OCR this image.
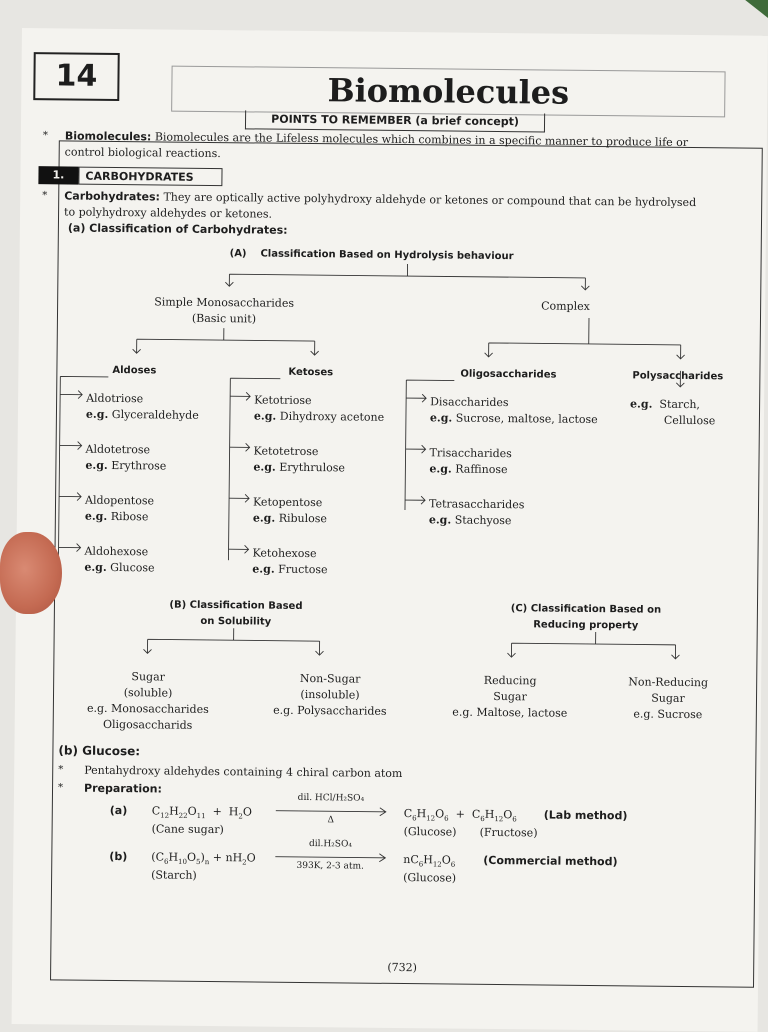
14	Biomolecules
POINTS TO REMEMBER (a brief concept)
* Biomolecules: Biomolecules are the Lifeless molecules which combines in a specific manner to produce life or
control biological reactions.
1.	CARBOHYDRATES
* Carbohydrates: They are optically active polyhydroxy aldehyde or ketones or compound that can be hydrolysed
to polyhydroxy aldehydes or ketones.
(a) Classification of Carbohydrates:
(A) Classification Based on Hydrolysis behaviour
Simple Monosaccharides
(Basic unit)
Complex
Aldoses	Ketoses	Oligosaccharides	Polysaccharides
Aldotriose
e.g. Glyceraldehyde
Aldotetrose
e.g. Erythrose
Aldopentose
e.g. Ribose
Aldohexose
e.g. Glucose
Ketotriose
e.g. Dihydroxy acetone
Ketotetrose
e.g. Erythrulose
Ketopentose
e.g. Ribulose
Ketohexose
e.g. Fructose
Disaccharides
e.g. Sucrose, maltose, lactose
Trisaccharides
e.g. Raffinose
Tetrasaccharides
e.g. Stachyose
e.g. Starch,
Cellulose
(B) Classification Based
on Solubility
(C) Classification Based on
Reducing property
Sugar
(soluble)
e.g. Monosaccharides
Oligosaccharids
Non-Sugar
(insoluble)
e.g. Polysaccharides
Reducing
Sugar
e.g. Maltose, lactose
Non-Reducing
Sugar
e.g. Sucrose
(b) Glucose:
* Pentahydroxy aldehydes containing 4 chiral carbon atom
* Preparation:
(a) $C_{12}H_{22}O_{11} + H_2O$
dil. HCl/H₂SO₄
Δ
$C_6H_{12}O_6 + C_6H_{12}O_6$ (Lab method)
(Cane sugar)	(Glucose) (Fructose)
(b) $(C_6H_{10}O_5)_n + nH_2O$
dil.H₂SO₄
393K, 2-3 atm.
$nC_6H_{12}O_6$	(Commercial method)
(Starch)	(Glucose)
(732)
